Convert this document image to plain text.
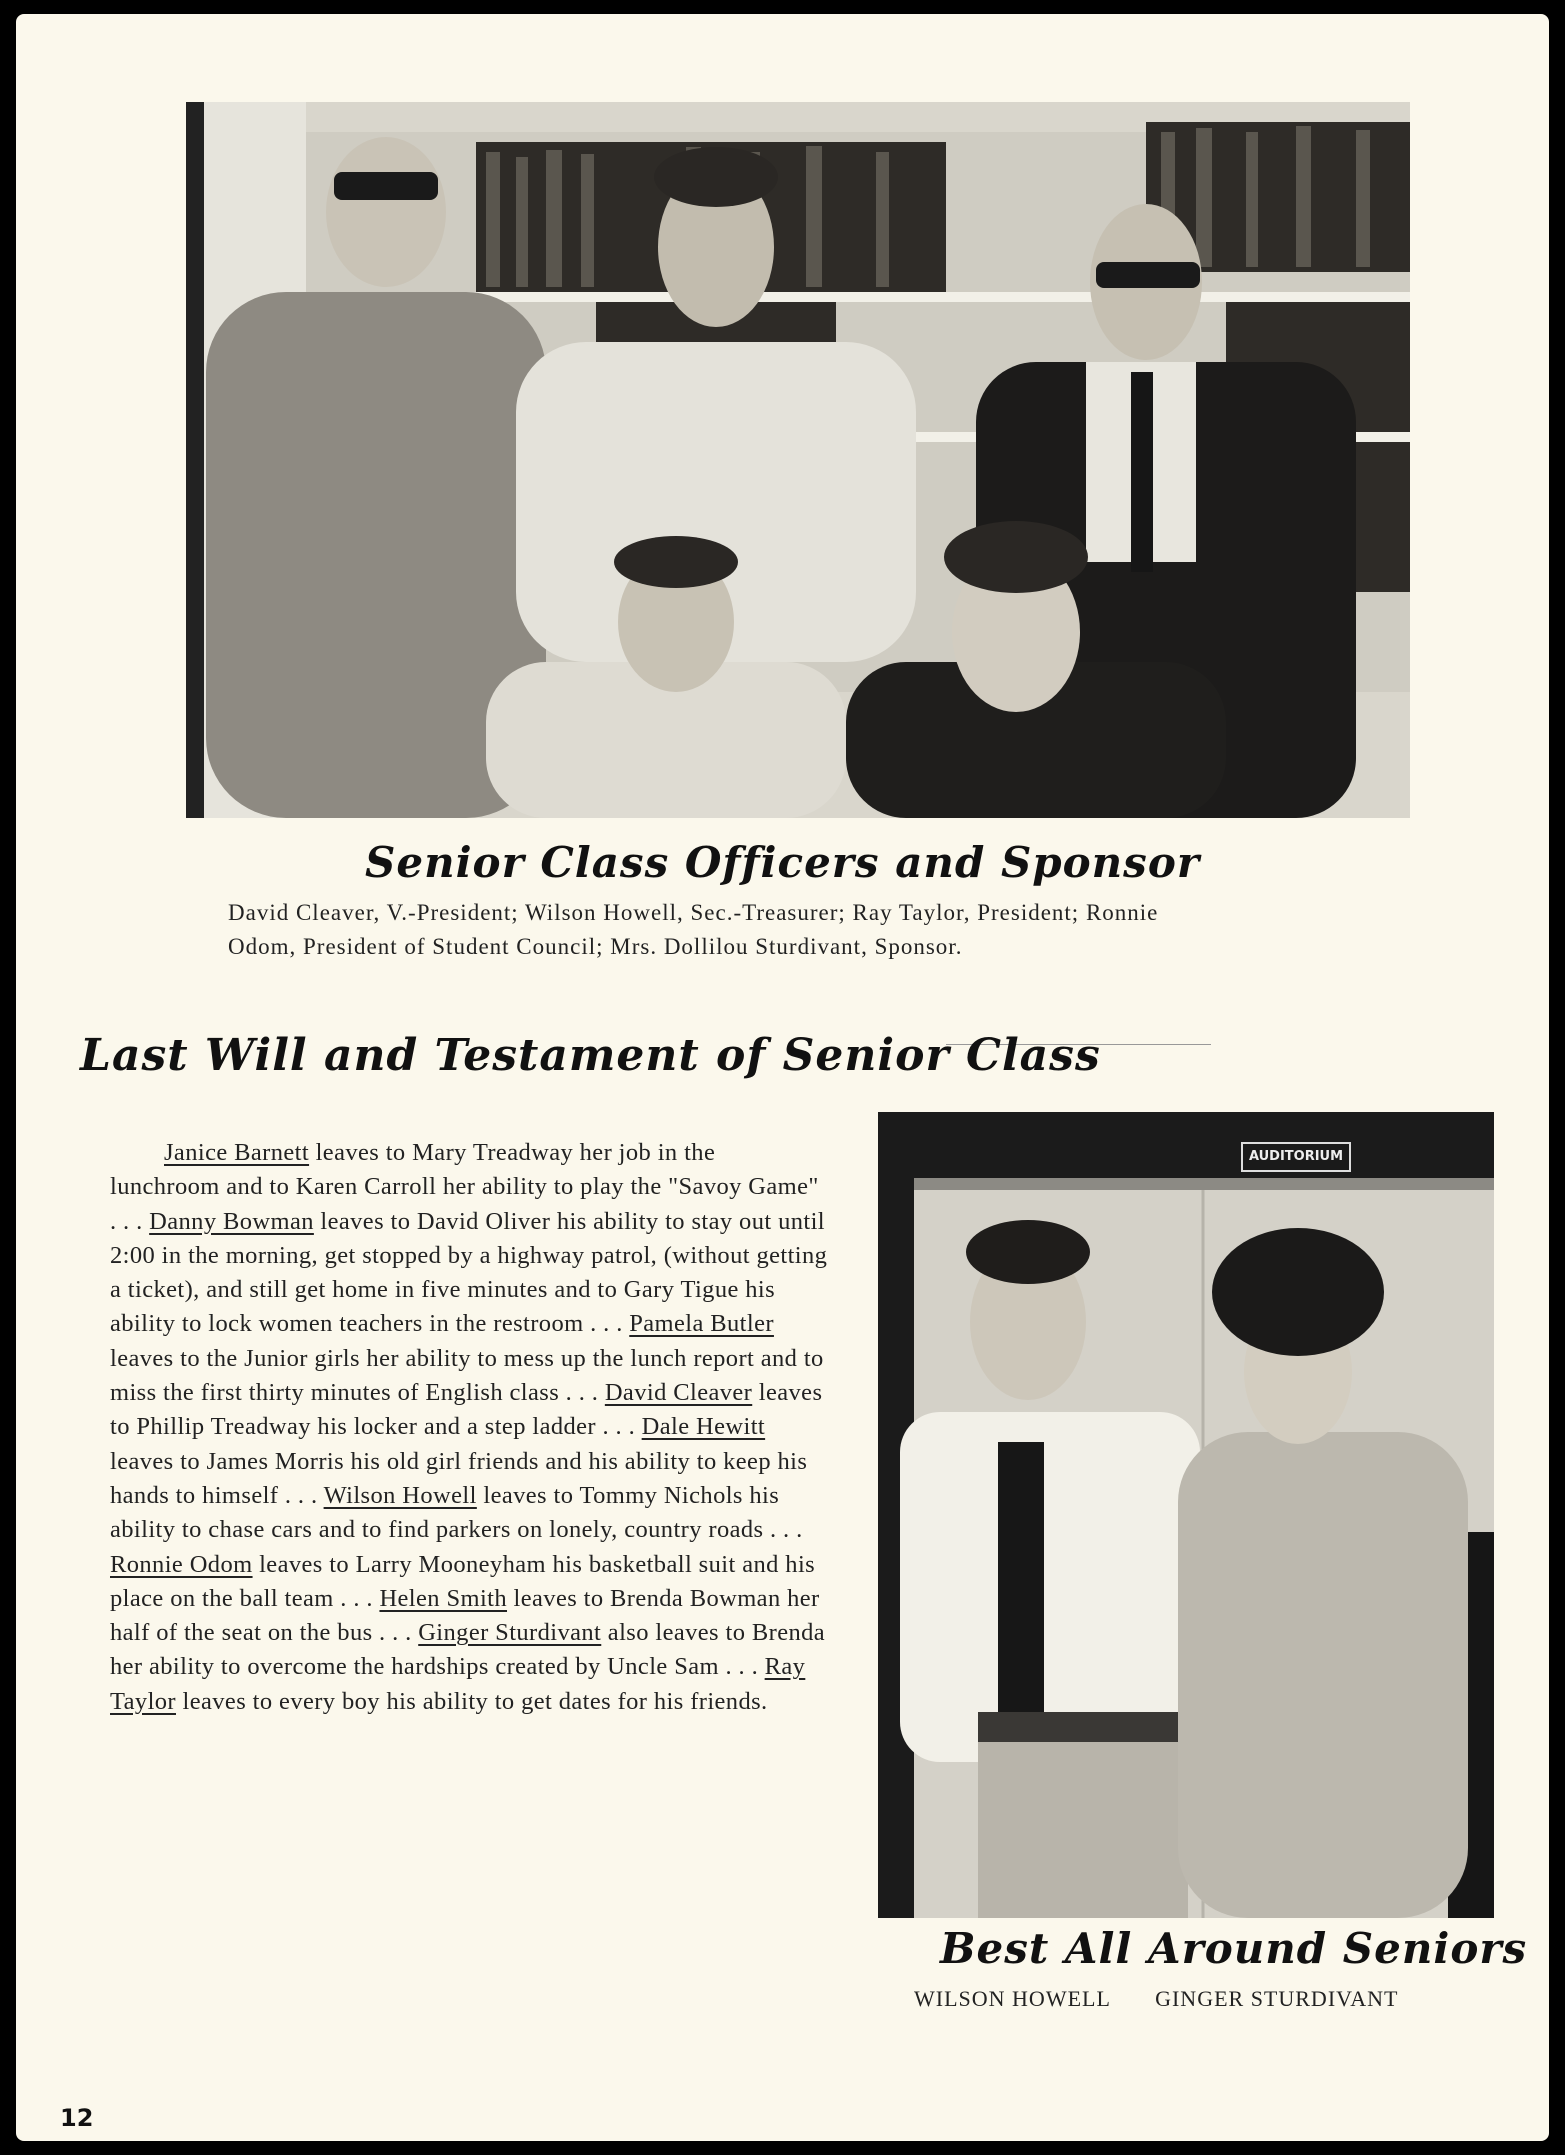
Senior Class Officers and Sponsor
David Cleaver, V.-President; Wilson Howell, Sec.-Treasurer; Ray Taylor, President; Ronnie
Odom, President of Student Council; Mrs. Dollilou Sturdivant, Sponsor.
Last Will and Testament of Senior Class

Janice Barnett leaves to Mary Treadway her job in the lunchroom and to Karen Carroll her ability to play the "Savoy Game" . . . Danny Bowman leaves to David Oliver his ability to stay out until 2:00 in the morning, get stopped by a highway patrol, (without getting a ticket), and still get home in five minutes and to Gary Tigue his ability to lock women teachers in the restroom . . . Pamela Butler leaves to the Junior girls her ability to mess up the lunch report and to miss the first thirty minutes of English class . . . David Cleaver leaves to Phillip Treadway his locker and a step ladder . . . Dale Hewitt leaves to James Morris his old girl friends and his ability to keep his hands to himself . . . Wilson Howell leaves to Tommy Nichols his ability to chase cars and to find parkers on lonely, country roads . . . Ronnie Odom leaves to Larry Mooneyham his basketball suit and his place on the ball team . . . Helen Smith leaves to Brenda Bowman her half of the seat on the bus . . . Ginger Sturdivant also leaves to Brenda her ability to overcome the hardships created by Uncle Sam . . . Ray Taylor leaves to every boy his ability to get dates for his friends.

AUDITORIUM
Best All Around Seniors
WILSON HOWELL GINGER STURDIVANT
12
